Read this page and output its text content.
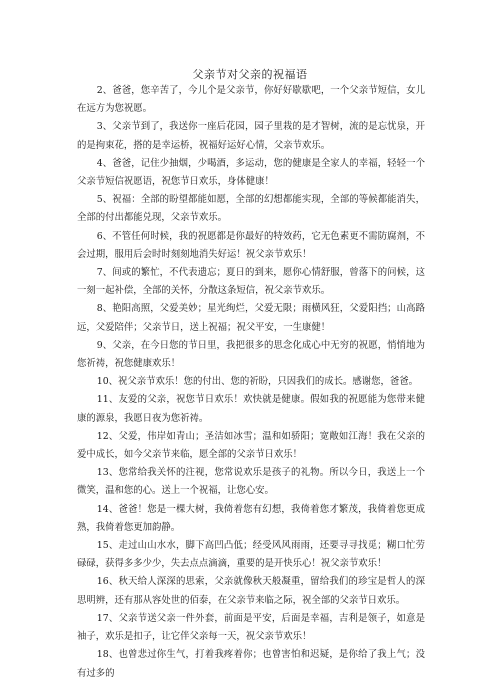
父亲节对父亲的祝福语

2、爸爸，您辛苦了，今儿个是父亲节，你好好歇歇吧，一个父亲节短信，女儿在远方为您祝愿。

3、父亲节到了，我送你一座后花园，园子里栽的是才智树，流的是忘忧泉，开的是拘束花，搭的是幸运桥，祝福好运好心情，父亲节欢乐。

4、爸爸，记住少抽烟，少喝酒，多运动，您的健康是全家人的幸福，轻轻一个父亲节短信祝愿语，祝您节日欢乐，身体健康！

5、祝福：全部的盼望都能如愿，全部的幻想都能实现，全部的等候都能消失，全部的付出都能兑现，父亲节欢乐。

6、不管任何时候，我的祝愿都是你最好的特效药，它无色素更不需防腐剂，不会过期，服用后会时时刻刻地消失好运！祝父亲节欢乐！

7、间或的繁忙，不代表遗忘；夏日的到来，愿你心情舒服，曾落下的问候，这一刻一起补偿，全部的关怀，分散这条短信，祝父亲节欢乐。

8、艳阳高照，父爱美妙；星光绚烂，父爱无限；雨横风狂，父爱阳挡；山高路远，父爱陪伴；父亲节日，送上祝福；祝父平安，一生康健！

9、父亲，在今日您的节日里，我把很多的思念化成心中无穷的祝愿，悄悄地为您祈祷，祝您健康欢乐！

10、祝父亲节欢乐！您的付出、您的祈盼，只因我们的成长。感谢您，爸爸。

11、友爱的父亲，祝您节日欢乐！欢快就是健康。假如我的祝愿能为您带来健康的源泉，我愿日夜为您祈祷。

12、父爱，伟岸如青山；圣洁如冰雪；温和如骄阳；宽敞如江海！我在父亲的爱中成长，如今父亲节来临，愿全部的父亲节日欢乐！

13、您常给我关怀的注视，您常说欢乐是孩子的礼物。所以今日，我送上一个微笑，温和您的心。送上一个祝福，让您心安。

14、爸爸！您是一棵大树，我倚着您有幻想，我倚着您才繁茂，我倚着您更成熟，我倚着您更加韵静。

15、走过山山水水，脚下高凹凸低；经受风风雨雨，还要寻寻找觅；糊口忙劳碌碌，获得多多少少，失去点点滴滴，重要的是开快乐心！祝父亲节欢乐！

16、秋天给人深深的思索，父亲就像秋天般凝重，留给我们的珍宝是哲人的深思明辨，还有那从容处世的佰泰，在父亲节来临之际，祝全部的父亲节日欢乐。

17、父亲节送父亲一件外套，前面是平安，后面是幸福，吉利是领子，如意是袖子，欢乐是扣子，让它伴父亲每一天，祝父亲节欢乐！

18、也曾悲过你生气，打着我疼着你；也曾害怕和迟疑，是你给了我上气；没有过多的
